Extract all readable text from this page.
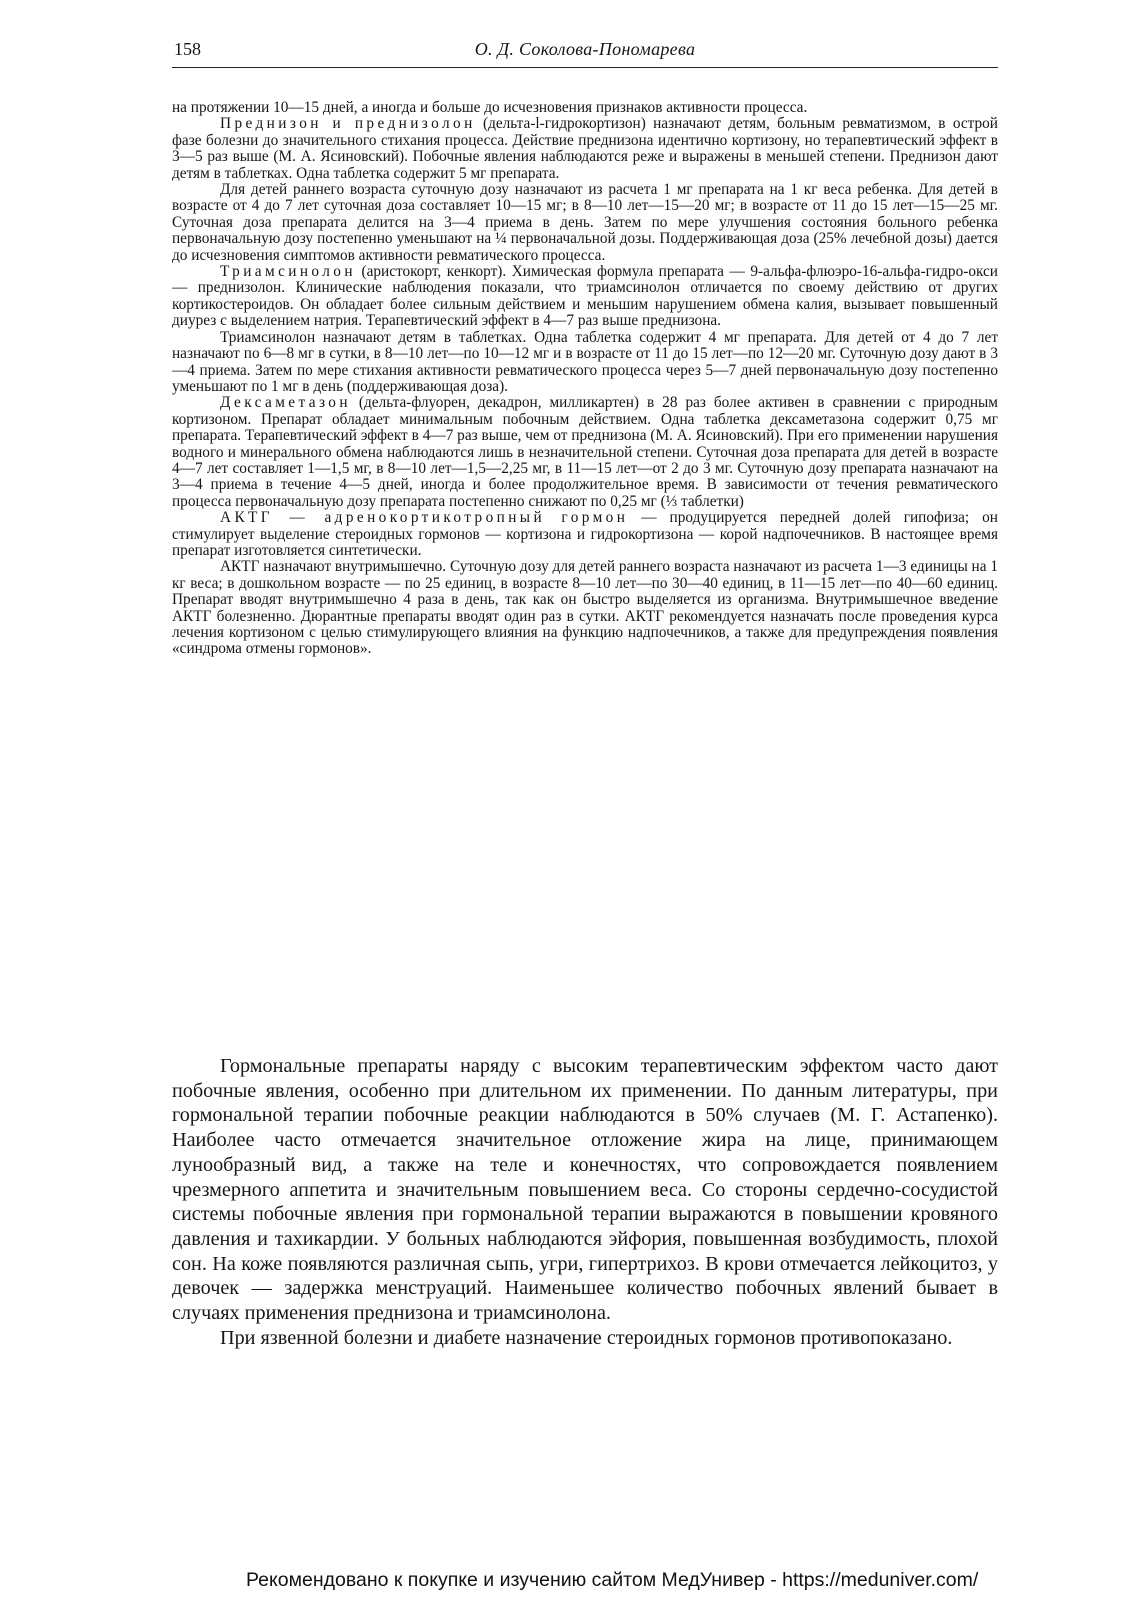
158	О. Д. Соколова-Пономарева

на протяжении 10—15 дней, а иногда и больше до исчезновения признаков активности процесса.

Преднизон и преднизолон (дельта-l-гидрокортизон) назначают детям, больным ревматизмом, в острой фазе болезни до значительного стихания процесса. Действие преднизона идентично кортизону, но терапевтический эффект в 3—5 раз выше (М. А. Ясиновский). Побочные явления наблюдаются реже и выражены в меньшей степени. Преднизон дают детям в таблетках. Одна таблетка содержит 5 мг препарата.

Для детей раннего возраста суточную дозу назначают из расчета 1 мг препарата на 1 кг веса ребенка. Для детей в возрасте от 4 до 7 лет суточная доза составляет 10—15 мг; в 8—10 лет—15—20 мг; в возрасте от 11 до 15 лет—15—25 мг. Суточная доза препарата делится на 3—4 приема в день. Затем по мере улучшения состояния больного ребенка первоначальную дозу постепенно уменьшают на ¼ первоначальной дозы. Поддерживающая доза (25% лечебной дозы) дается до исчезновения симптомов активности ревматического процесса.

Триамсинолон (аристокорт, кенкорт). Химическая формула препарата — 9-альфа-флюэро-16-альфа-гидро-окси — преднизолон. Клинические наблюдения показали, что триамсинолон отличается по своему действию от других кортикостероидов. Он обладает более сильным действием и меньшим нарушением обмена калия, вызывает повышенный диурез с выделением натрия. Терапевтический эффект в 4—7 раз выше преднизона.

Триамсинолон назначают детям в таблетках. Одна таблетка содержит 4 мг препарата. Для детей от 4 до 7 лет назначают по 6—8 мг в сутки, в 8—10 лет—по 10—12 мг и в возрасте от 11 до 15 лет—по 12—20 мг. Суточную дозу дают в 3—4 приема. Затем по мере стихания активности ревматического процесса через 5—7 дней первоначальную дозу постепенно уменьшают по 1 мг в день (поддерживающая доза).

Дексаметазон (дельта-флуорен, декадрон, милликартен) в 28 раз более активен в сравнении с природным кортизоном. Препарат обладает минимальным побочным действием. Одна таблетка дексаметазона содержит 0,75 мг препарата. Терапевтический эффект в 4—7 раз выше, чем от преднизона (М. А. Ясиновский). При его применении нарушения водного и минерального обмена наблюдаются лишь в незначительной степени. Суточная доза препарата для детей в возрасте 4—7 лет составляет 1—1,5 мг, в 8—10 лет—1,5—2,25 мг, в 11—15 лет—от 2 до 3 мг. Суточную дозу препарата назначают на 3—4 приема в течение 4—5 дней, иногда и более продолжительное время. В зависимости от течения ревматического процесса первоначальную дозу препарата постепенно снижают по 0,25 мг (⅓ таблетки)

АКТГ — адренокортикотропный гормон — продуцируется передней долей гипофиза; он стимулирует выделение стероидных гормонов — кортизона и гидрокортизона — корой надпочечников. В настоящее время препарат изготовляется синтетически.

АКТГ назначают внутримышечно. Суточную дозу для детей раннего возраста назначают из расчета 1—3 единицы на 1 кг веса; в дошкольном возрасте — по 25 единиц, в возрасте 8—10 лет—по 30—40 единиц, в 11—15 лет—по 40—60 единиц. Препарат вводят внутримышечно 4 раза в день, так как он быстро выделяется из организма. Внутримышечное введение АКТГ болезненно. Дюрантные препараты вводят один раз в сутки. АКТГ рекомендуется назначать после проведения курса лечения кортизоном с целью стимулирующего влияния на функцию надпочечников, а также для предупреждения появления «синдрома отмены гормонов».

Гормональные препараты наряду с высоким терапевтическим эффектом часто дают побочные явления, особенно при длительном их применении. По данным литературы, при гормональной терапии побочные реакции наблюдаются в 50% случаев (М. Г. Астапенко). Наиболее часто отмечается значительное отложение жира на лице, принимающем лунообразный вид, а также на теле и конечностях, что сопровождается появлением чрезмерного аппетита и значительным повышением веса. Со стороны сердечно-сосудистой системы побочные явления при гормональной терапии выражаются в повышении кровяного давления и тахикардии. У больных наблюдаются эйфория, повышенная возбудимость, плохой сон. На коже появляются различная сыпь, угри, гипертрихоз. В крови отмечается лейкоцитоз, у девочек — задержка менструаций. Наименьшее количество побочных явлений бывает в случаях применения преднизона и триамсинолона.

При язвенной болезни и диабете назначение стероидных гормонов противопоказано.

Рекомендовано к покупке и изучению сайтом МедУнивер - https://meduniver.com/
